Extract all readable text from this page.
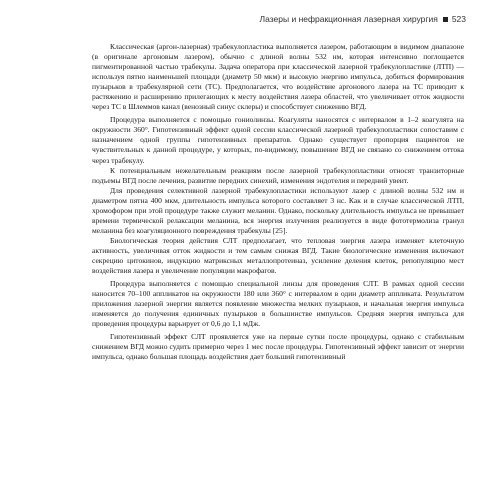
Лазеры и нефракционная лазерная хирургия 523

Классическая (аргон-лазерная) трабекулопластика выполняется лазером, работающим в видимом диапазоне (в оригинале аргоновым лазером), обычно с длиной волны 532 нм, которая интенсивно поглощается пигментированной частью трабекулы. Задача оператора при классической лазерной трабекулопластике (ЛТП) — используя пятно наименьшей площади (диаметр 50 мкм) и высокую энергию импульса, добиться формирования пузырьков в трабекулярной сети (ТС). Предполагается, что воздействие аргонового лазера на ТС приводит к растяжению и расширению прилегающих к месту воздействия лазера областей, что увеличивает отток жидкости через ТС в Шлеммов канал (венозный синус склеры) и способствует снижению ВГД.

Процедура выполняется с помощью гониолинзы. Коагуляты наносятся с интервалом в 1–2 коагулята на окружности 360°. Гипотензивный эффект одной сессии классической лазерной трабекулопластики сопоставим с назначением одной группы гипотензивных препаратов. Однако существует пропорция пациентов не чувствительных к данной процедуре, у которых, по-видимому, повышение ВГД не связано со снижением оттока через трабекулу.

К потенциальным нежелательным реакциям после лазерной трабекулопластики относят транзиторные подъемы ВГД после лечения, развитие передних синехий, изменения эндотелия и передний увеит.

Для проведения селективной лазерной трабекулопластики используют лазер с длиной волны 532 нм и диаметром пятна 400 мкм, длительность импульса которого составляет 3 нс. Как и в случае классической ЛТП, хромофором при этой процедуре также служит меланин. Однако, поскольку длительность импульса не превышает времени термической релаксации меланина, вся энергия излучения реализуется в виде фототермолиза гранул меланина без коагуляционного повреждения трабекулы [25].

Биологическая теория действия СЛТ предполагает, что тепловая энергия лазера изменяет клеточную активность, увеличивая отток жидкости и тем самым снижая ВГД. Такие биологические изменения включают секрецию цитокинов, индукцию матриксных металлопротеиназ, усиление деления клеток, репопуляцию мест воздействия лазера и увеличение популяции макрофагов.

Процедура выполняется с помощью специальной линзы для проведения СЛТ. В рамках одной сессии наносится 70–100 аппликатов на окружности 180 или 360° с интервалом в один диаметр аппликата. Результатом приложения лазерной энергии является появление множества мелких пузырьков, и начальная энергия импульса изменяется до получения единичных пузырьков в большинстве импульсов. Средняя энергия импульса для проведения процедуры варьирует от 0,6 до 1,1 мДж.

Гипотензивный эффект СЛТ проявляется уже на первые сутки после процедуры, однако с стабильным снижением ВГД можно судить примерно через 1 мес после процедуры. Гипотензивный эффект зависит от энергии импульса, однако большая площадь воздействия дает больший гипотензивный
